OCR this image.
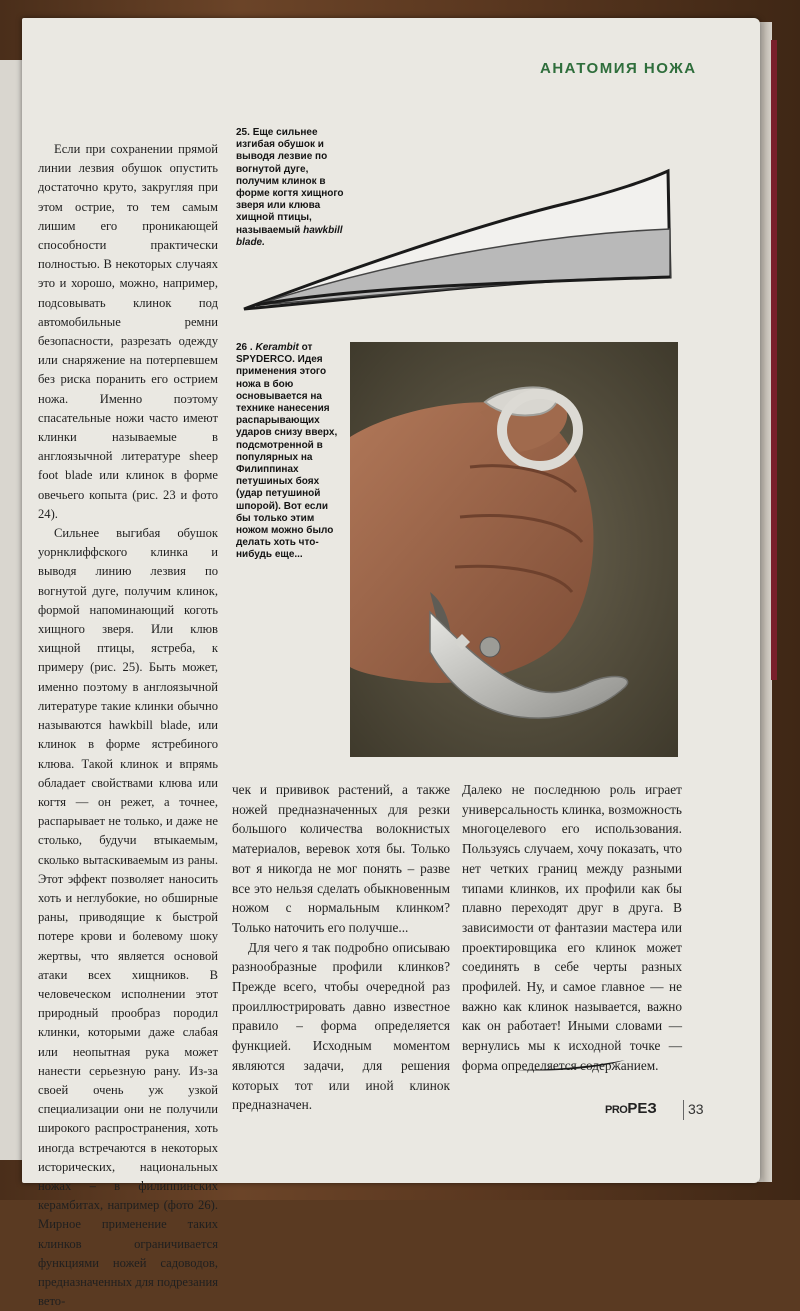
АНАТОМИЯ НОЖА
25. Еще сильнее изгибая обушок и выводя лезвие по вогнутой дуге, получим клинок в форме когтя хищного зверя или клюва хищной птицы, называемый hawkbill blade.
26 . Kerambit от SPYDERCO. Идея применения этого ножа в бою основывается на технике нанесения распарывающих ударов снизу вверх, подсмотренной в популярных на Филиппинах петушиных боях (удар петушиной шпорой). Вот если бы только этим ножом можно было делать хоть что-нибудь еще...

Если при сохранении прямой линии лезвия обушок опустить достаточно круто, закругляя при этом острие, то тем самым лишим его проникающей способности практически полностью. В некоторых случаях это и хорошо, можно, например, подсовывать клинок под автомобильные ремни безопасности, разрезать одежду или снаряжение на потерпевшем без риска поранить его острием ножа. Именно поэтому спасательные ножи часто имеют клинки называемые в англоязычной литературе sheep foot blade или клинок в форме овечьего копыта (рис. 23 и фото 24).

Сильнее выгибая обушок уорнклиффского клинка и выводя линию лезвия по вогнутой дуге, получим клинок, формой напоминающий коготь хищного зверя. Или клюв хищной птицы, ястреба, к примеру (рис. 25). Быть может, именно поэтому в англоязычной литературе такие клинки обычно называются hawkbill blade, или клинок в форме ястребиного клюва. Такой клинок и впрямь обладает свойствами клюва или когтя — он режет, а точнее, распарывает не только, и даже не столько, будучи втыкаемым, сколько вытаскиваемым из раны. Этот эффект позволяет наносить хоть и неглубокие, но обширные раны, приводящие к быстрой потере крови и болевому шоку жертвы, что является основой атаки всех хищников. В человеческом исполнении этот природный прообраз породил клинки, которыми даже слабая или неопытная рука может нанести серьезную рану. Из-за своей очень уж узкой специализации они не получили широкого распространения, хоть иногда встречаются в некоторых исторических, национальных ножах – в филиппинских керамбитах, например (фото 26). Мирное применение таких клинков ограничивается функциями ножей садоводов, предназначенных для подрезания вето-

чек и прививок растений, а также ножей предназначенных для резки большого количества волокнистых материалов, веревок хотя бы. Только вот я никогда не мог понять – разве все это нельзя сделать обыкновенным ножом с нормальным клинком? Только наточить его получше...

Для чего я так подробно описываю разнообразные профили клинков? Прежде всего, чтобы очередной раз проиллюстрировать давно известное правило – форма определяется функцией. Исходным моментом являются задачи, для решения которых тот или иной клинок предназначен.

Далеко не последнюю роль играет универсальность клинка, возможность многоцелевого его использования. Пользуясь случаем, хочу показать, что нет четких границ между разными типами клинков, их профили как бы плавно переходят друг в друга. В зависимости от фантазии мастера или проектировщика его клинок может соединять в себе черты разных профилей. Ну, и самое главное — не важно как клинок называется, важно как он работает! Иными словами — вернулись мы к исходной точке — форма определяется содержанием.

PROРЕЗ 33
